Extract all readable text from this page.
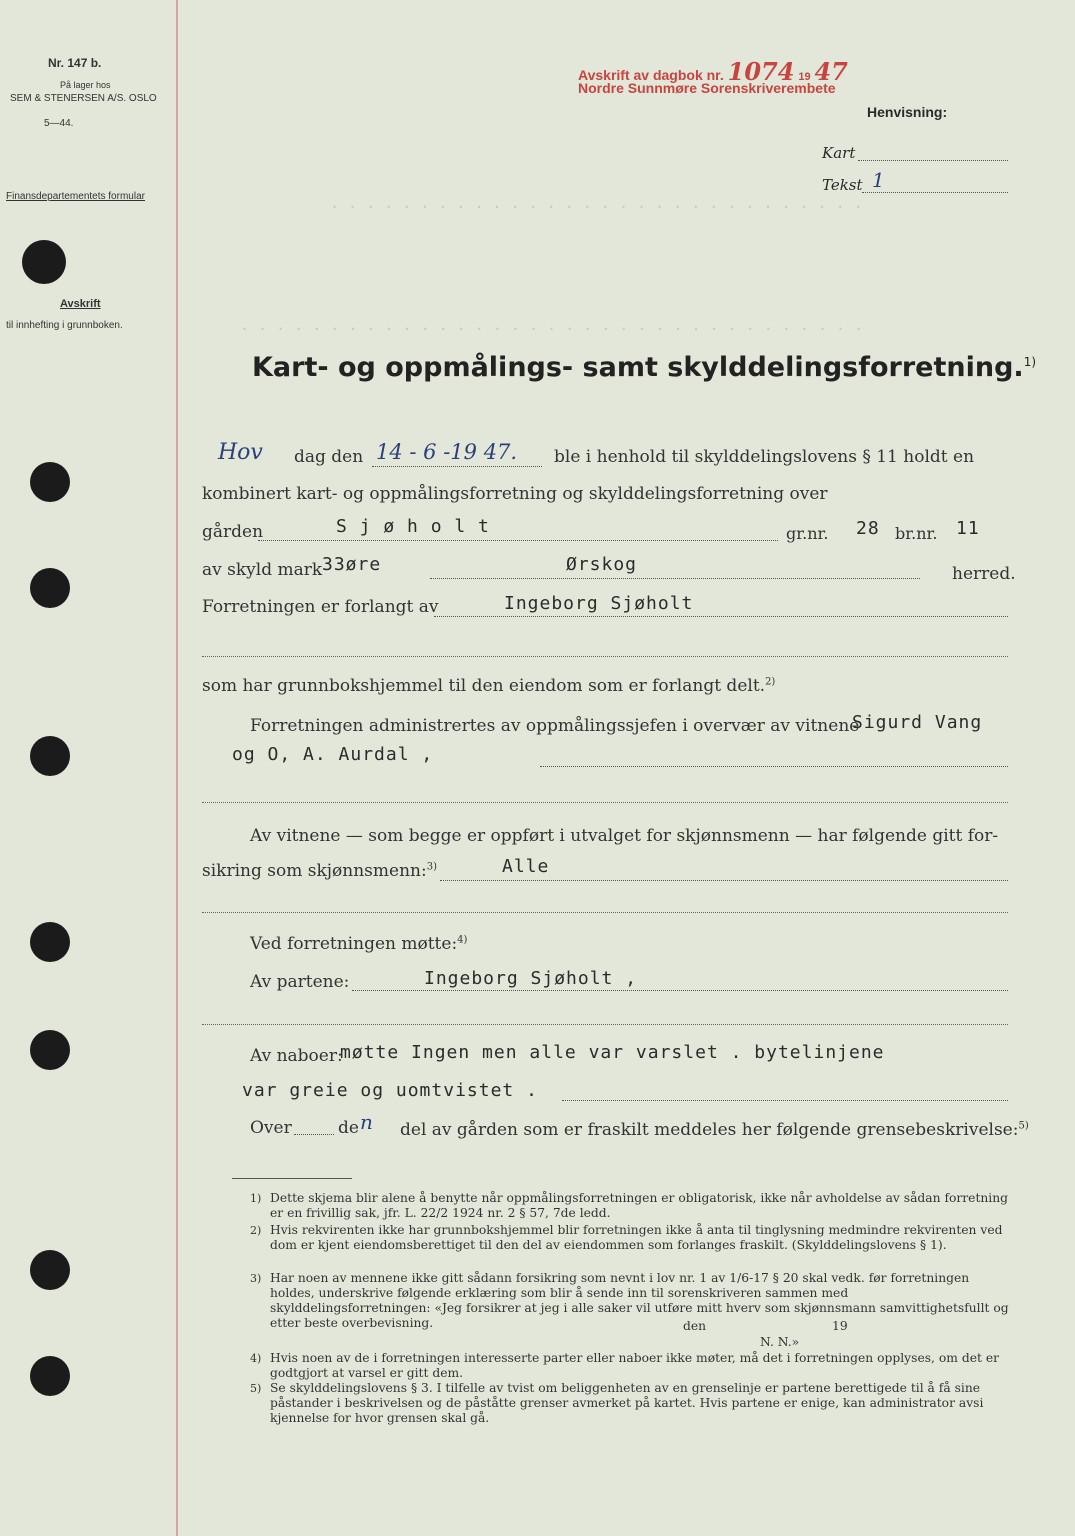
· · · · · · · · · · · · · · · · · · · · · · · · · · · · · ·
· · · · · · · · · · · · · · · · · · · · · · · · · · · · · · · · · · ·
Nr. 147 b.
På lager hos
SEM & STENERSEN A/S. OSLO
5—44.
Finansdepartementets formular
Avskrift
til innhefting i grunnboken.
Avskrift av dagbok nr. 1074 19 47
Nordre Sunnmøre Sorenskriverembete
Henvisning:
Kart
Tekst 1
Kart- og oppmålings- samt skylddelingsforretning.$^{1)}$
Hov dag den 14 - 6 -19 47. ble i henhold til skylddelingslovens § 11 holdt en
kombinert kart- og oppmålingsforretning og skylddelingsforretning over
gården	S j ø h o l t	gr.nr. 28 br.nr. 11
av skyld mark 33øre	Ørskog	herred.
Forretningen er forlangt av	Ingeborg Sjøholt
som har grunnbokshjemmel til den eiendom som er forlangt delt.$^{2)}$
Forretningen administrertes av oppmålingssjefen i overvær av vitnene
Sigurd Vang
og O, A. Aurdal ,
Av vitnene — som begge er oppført i utvalget for skjønnsmenn — har følgende gitt for-
sikring som skjønnsmenn:$^{3)}$	Alle
Ved forretningen møtte:$^{4)}$
Av partene:	Ingeborg Sjøholt ,
Av naboer:
møtte Ingen men alle var varslet . bytelinjene
var greie og uomtvistet .
Over	de n del av gården som er fraskilt meddeles her følgende grensebeskrivelse:$^{5)}$
1) Dette skjema blir alene å benytte når oppmålingsforretningen er obligatorisk, ikke når avholdelse av sådan forretning er en frivillig sak, jfr. L. 22/2 1924 nr. 2 § 57, 7de ledd.
2) Hvis rekvirenten ikke har grunnbokshjemmel blir forretningen ikke å anta til tinglysning medmindre rekvirenten ved dom er kjent eiendomsberettiget til den del av eiendommen som forlanges fraskilt. (Skylddelingslovens § 1).
3) Har noen av mennene ikke gitt sådann forsikring som nevnt i lov nr. 1 av 1/6-17 § 20 skal vedk. før forretningen holdes, underskrive følgende erklæring som blir å sende inn til sorenskriveren sammen med skylddelingsforretningen: «Jeg forsikrer at jeg i alle saker vil utføre mitt hverv som skjønnsmann samvittighetsfullt og etter beste overbevisning.	den	19
N. N.»
4) Hvis noen av de i forretningen interesserte parter eller naboer ikke møter, må det i forretningen opplyses, om det er godtgjort at varsel er gitt dem.
5) Se skylddelingslovens § 3. I tilfelle av tvist om beliggenheten av en grenselinje er partene berettigede til å få sine påstander i beskrivelsen og de påståtte grenser avmerket på kartet. Hvis partene er enige, kan administrator avsi kjennelse for hvor grensen skal gå.
